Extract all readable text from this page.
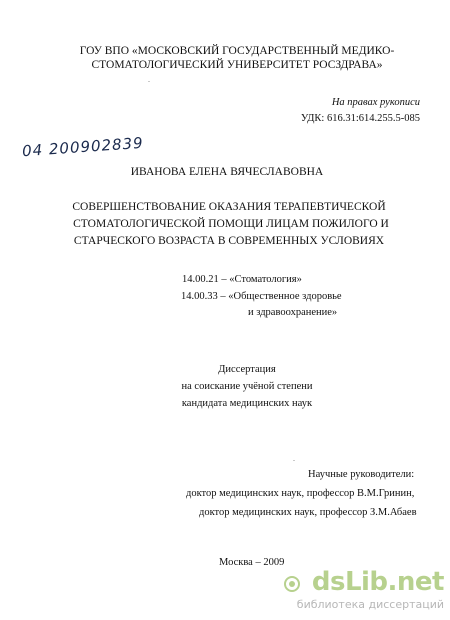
ГОУ ВПО «МОСКОВСКИЙ ГОСУДАРСТВЕННЫЙ МЕДИКО-
СТОМАТОЛОГИЧЕСКИЙ УНИВЕРСИТЕТ РОСЗДРАВА»
.
На правах рукописи
УДК: 616.31:614.255.5-085
04 200902839
ИВАНОВА ЕЛЕНА ВЯЧЕСЛАВОВНА
СОВЕРШЕНСТВОВАНИЕ ОКАЗАНИЯ ТЕРАПЕВТИЧЕСКОЙ
СТОМАТОЛОГИЧЕСКОЙ ПОМОЩИ ЛИЦАМ ПОЖИЛОГО И
СТАРЧЕСКОГО ВОЗРАСТА В СОВРЕМЕННЫХ УСЛОВИЯХ
14.00.21 – «Стоматология»
14.00.33 – «Общественное здоровье
и здравоохранение»
Диссертация
на соискание учёной степени
кандидата медицинских наук
.
Научные руководители:
доктор медицинских наук, профессор В.М.Гринин,
доктор медицинских наук, профессор З.М.Абаев
Москва – 2009
dsLib.net
библиотека диссертаций
